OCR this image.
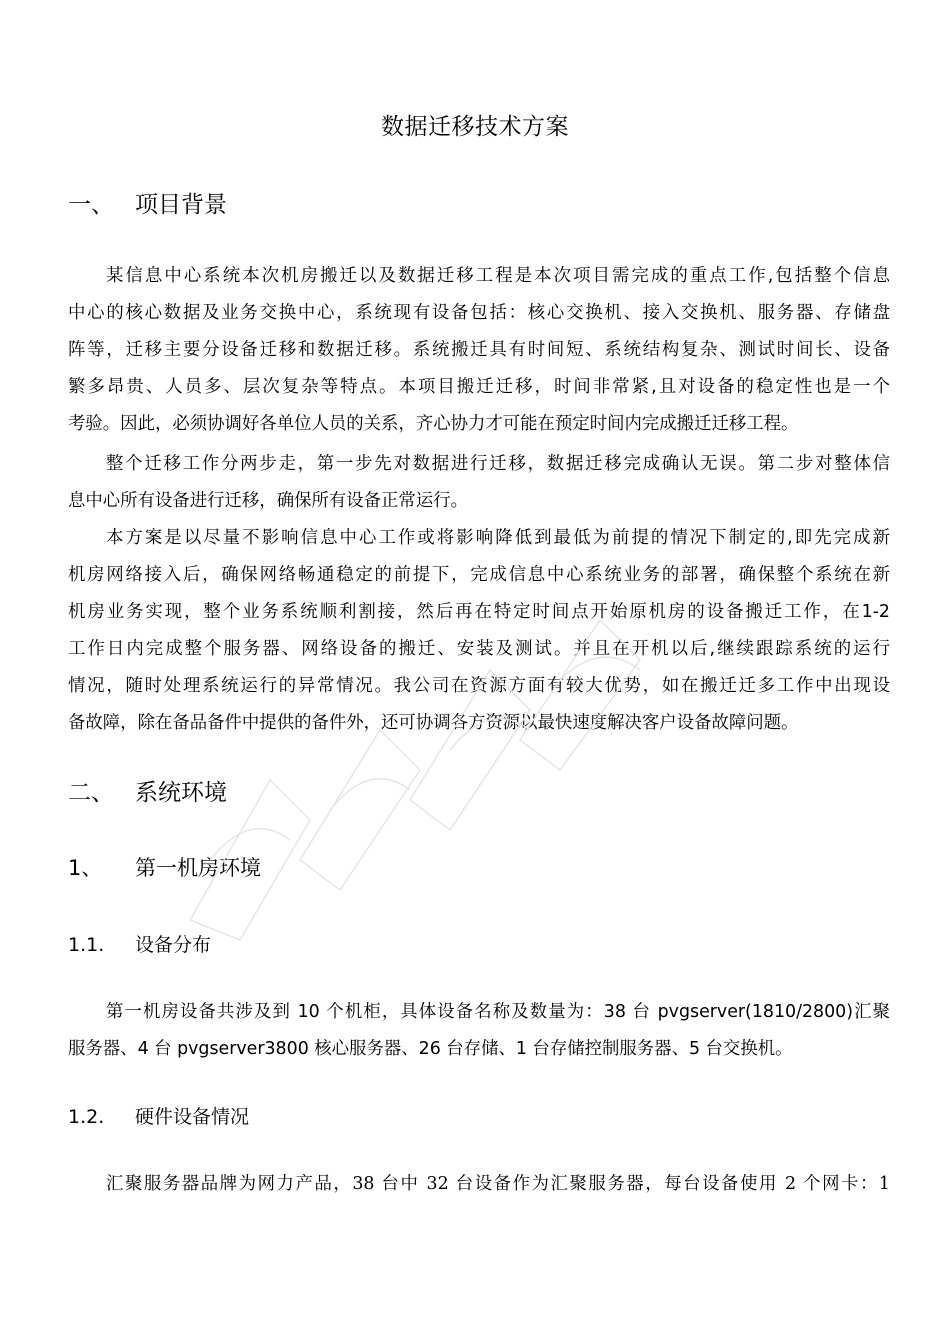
数据迁移技术方案
一、 项目背景
某信息中心系统本次机房搬迁以及数据迁移工程是本次项目需完成的重点工作,包括整个信息
中心的核心数据及业务交换中心，系统现有设备包括：核心交换机、接入交换机、服务器、存储盘
阵等，迁移主要分设备迁移和数据迁移。系统搬迁具有时间短、系统结构复杂、测试时间长、设备
繁多昂贵、人员多、层次复杂等特点。本项目搬迁迁移，时间非常紧,且对设备的稳定性也是一个
考验。因此，必须协调好各单位人员的关系，齐心协力才可能在预定时间内完成搬迁迁移工程。
整个迁移工作分两步走，第一步先对数据进行迁移，数据迁移完成确认无误。第二步对整体信
息中心所有设备进行迁移，确保所有设备正常运行。
本方案是以尽量不影响信息中心工作或将影响降低到最低为前提的情况下制定的,即先完成新
机房网络接入后，确保网络畅通稳定的前提下，完成信息中心系统业务的部署，确保整个系统在新
机房业务实现，整个业务系统顺利割接，然后再在特定时间点开始原机房的设备搬迁工作，在1-2
工作日内完成整个服务器、网络设备的搬迁、安装及测试。并且在开机以后,继续跟踪系统的运行
情况，随时处理系统运行的异常情况。我公司在资源方面有较大优势，如在搬迁迁多工作中出现设
备故障，除在备品备件中提供的备件外，还可协调各方资源以最快速度解决客户设备故障问题。
二、 系统环境
1、 第一机房环境
1.1. 设备分布
第一机房设备共涉及到 10 个机柜，具体设备名称及数量为：38 台 pvgserver(1810/2800)汇聚
服务器、4 台 pvgserver3800 核心服务器、26 台存储、1 台存储控制服务器、5 台交换机。
1.2. 硬件设备情况
汇聚服务器品牌为网力产品，38 台中 32 台设备作为汇聚服务器，每台设备使用 2 个网卡：1
